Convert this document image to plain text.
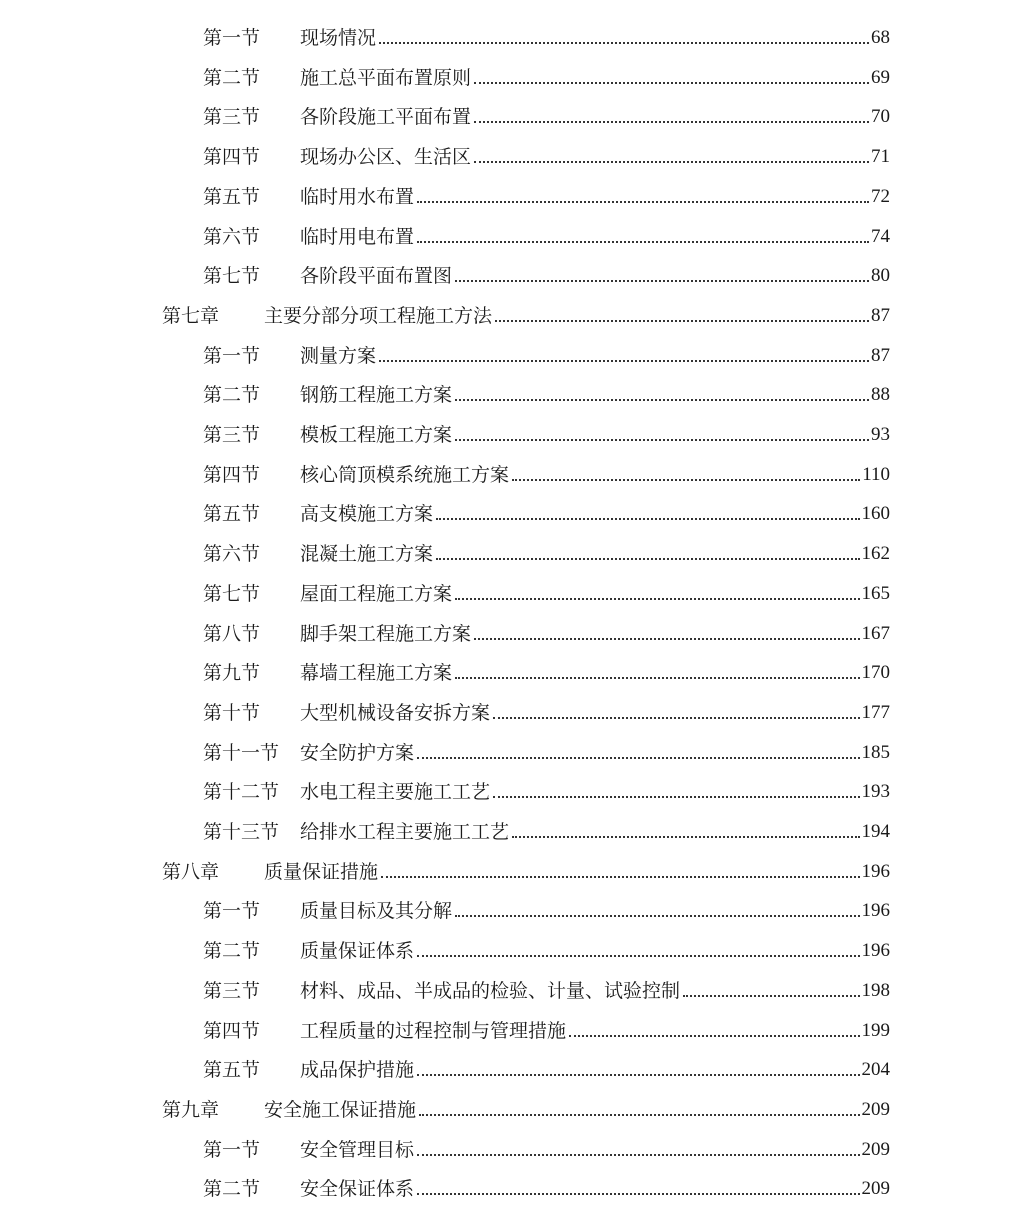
第一节 现场情况	68
第二节 施工总平面布置原则	69
第三节 各阶段施工平面布置	70
第四节 现场办公区、生活区	71
第五节 临时用水布置	72
第六节 临时用电布置	74
第七节 各阶段平面布置图	80
第七章 主要分部分项工程施工方法	87
第一节 测量方案	87
第二节 钢筋工程施工方案	88
第三节 模板工程施工方案	93
第四节 核心筒顶模系统施工方案	110
第五节 高支模施工方案	160
第六节 混凝土施工方案	162
第七节 屋面工程施工方案	165
第八节 脚手架工程施工方案	167
第九节 幕墙工程施工方案	170
第十节 大型机械设备安拆方案	177
第十一节 安全防护方案	185
第十二节 水电工程主要施工工艺	193
第十三节 给排水工程主要施工工艺	194
第八章 质量保证措施	196
第一节 质量目标及其分解	196
第二节 质量保证体系	196
第三节 材料、成品、半成品的检验、计量、试验控制	198
第四节 工程质量的过程控制与管理措施	199
第五节 成品保护措施	204
第九章 安全施工保证措施	209
第一节 安全管理目标	209
第二节 安全保证体系	209
